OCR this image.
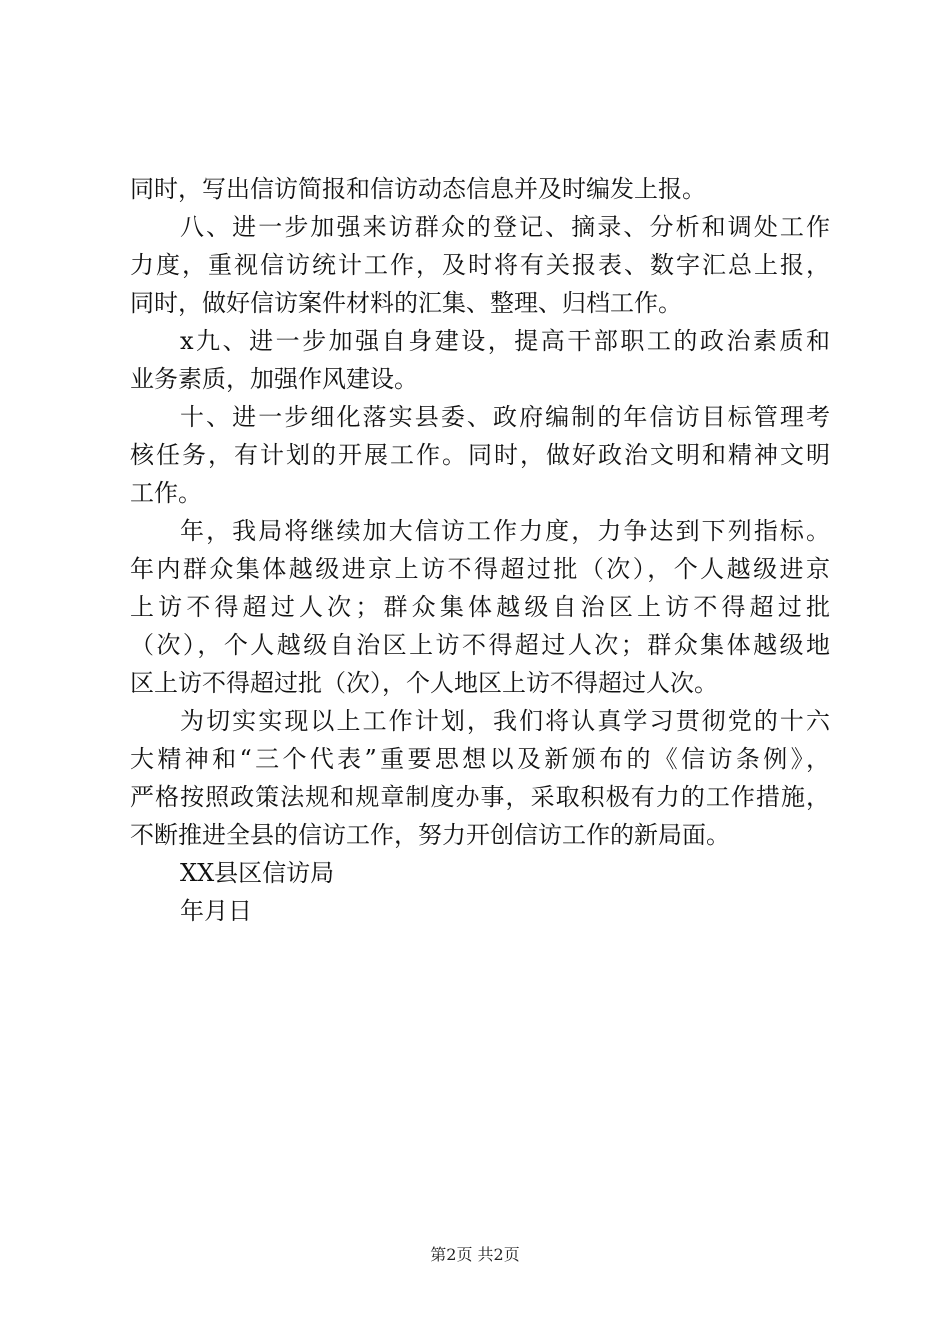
同时，写出信访简报和信访动态信息并及时编发上报。
八、进一步加强来访群众的登记、摘录、分析和调处工作
力度，重视信访统计工作，及时将有关报表、数字汇总上报，
同时，做好信访案件材料的汇集、整理、归档工作。
x九、进一步加强自身建设，提高干部职工的政治素质和
业务素质，加强作风建设。
十、进一步细化落实县委、政府编制的年信访目标管理考
核任务，有计划的开展工作。同时，做好政治文明和精神文明
工作。
年，我局将继续加大信访工作力度，力争达到下列指标。
年内群众集体越级进京上访不得超过批（次），个人越级进京
上访不得超过人次；群众集体越级自治区上访不得超过批
（次），个人越级自治区上访不得超过人次；群众集体越级地
区上访不得超过批（次），个人地区上访不得超过人次。
为切实实现以上工作计划，我们将认真学习贯彻党的十六
大精神和“三个代表”重要思想以及新颁布的《信访条例》，
严格按照政策法规和规章制度办事，采取积极有力的工作措施，
不断推进全县的信访工作，努力开创信访工作的新局面。
XX县区信访局
年月日
第2页 共2页
